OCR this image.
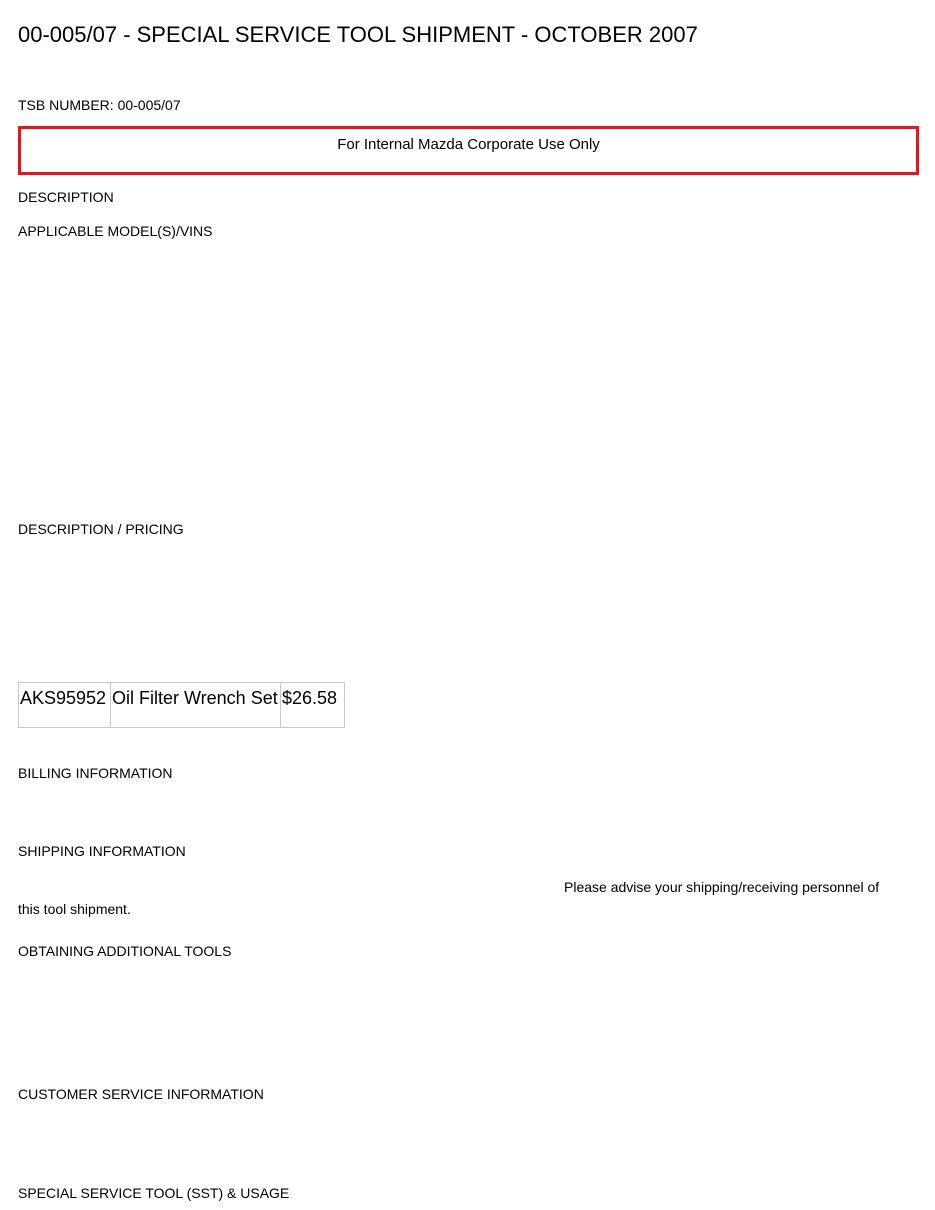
00-005/07 - SPECIAL SERVICE TOOL SHIPMENT - OCTOBER 2007
TSB NUMBER: 00-005/07
For Internal Mazda Corporate Use Only
DESCRIPTION
APPLICABLE MODEL(S)/VINS
DESCRIPTION / PRICING
AKS95952	Oil Filter Wrench Set	$26.58
BILLING INFORMATION
SHIPPING INFORMATION
Please advise your shipping/receiving personnel of
this tool shipment.
OBTAINING ADDITIONAL TOOLS
CUSTOMER SERVICE INFORMATION
SPECIAL SERVICE TOOL (SST) & USAGE
